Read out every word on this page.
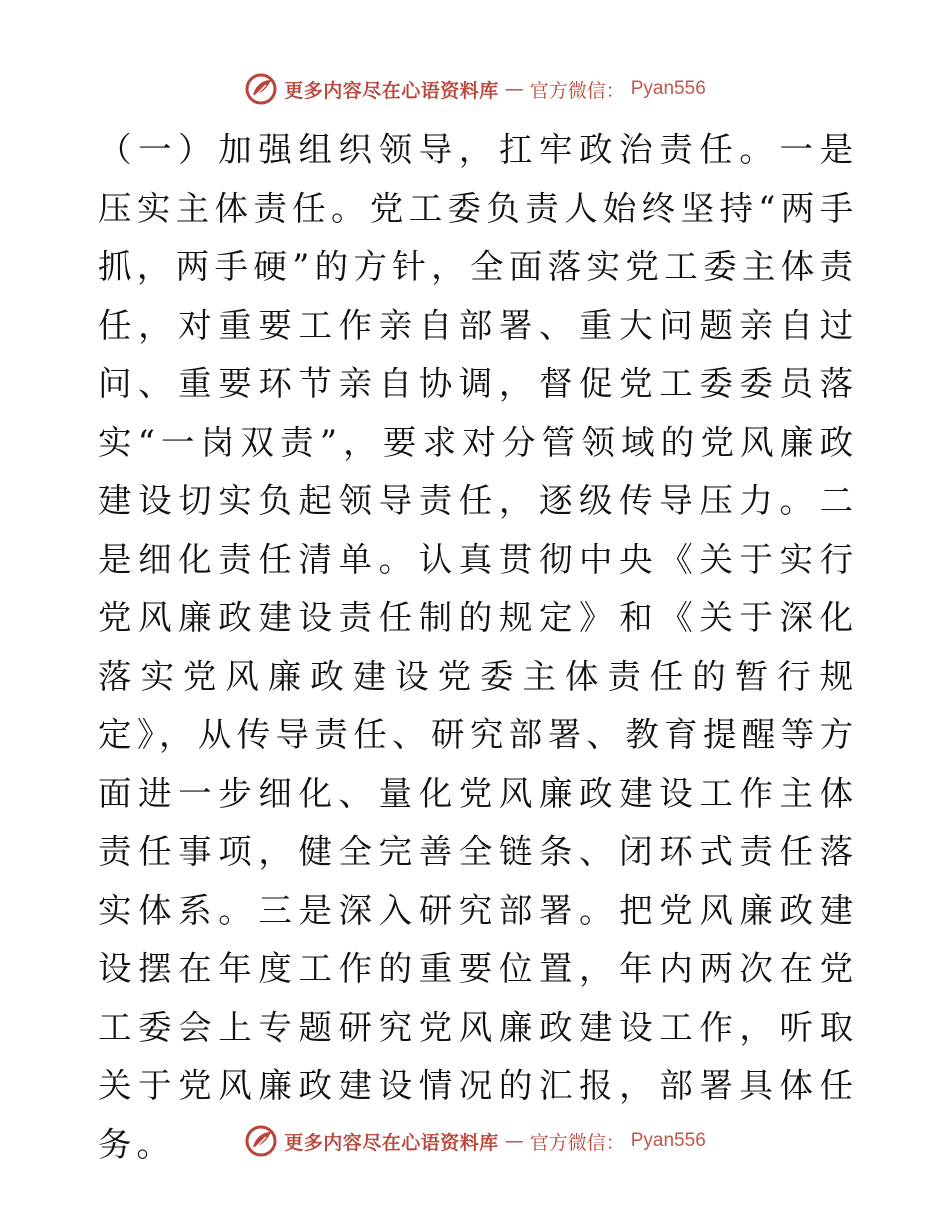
更多内容尽在心语资料库 — 官方微信： Pyan556

（一）加强组织领导，扛牢政治责任。一是压实主体责任。党工委负责人始终坚持“两手抓，两手硬”的方针，全面落实党工委主体责任，对重要工作亲自部署、重大问题亲自过问、重要环节亲自协调，督促党工委委员落实“一岗双责”，要求对分管领域的党风廉政建设切实负起领导责任，逐级传导压力。二是细化责任清单。认真贯彻中央《关于实行党风廉政建设责任制的规定》和《关于深化落实党风廉政建设党委主体责任的暂行规定》，从传导责任、研究部署、教育提醒等方面进一步细化、量化党风廉政建设工作主体责任事项，健全完善全链条、闭环式责任落实体系。三是深入研究部署。把党风廉政建设摆在年度工作的重要位置，年内两次在党工委会上专题研究党风廉政建设工作，听取关于党风廉政建设情况的汇报，部署具体任务。	更多内容尽在心语资料库 — 官方微信： Pyan556
